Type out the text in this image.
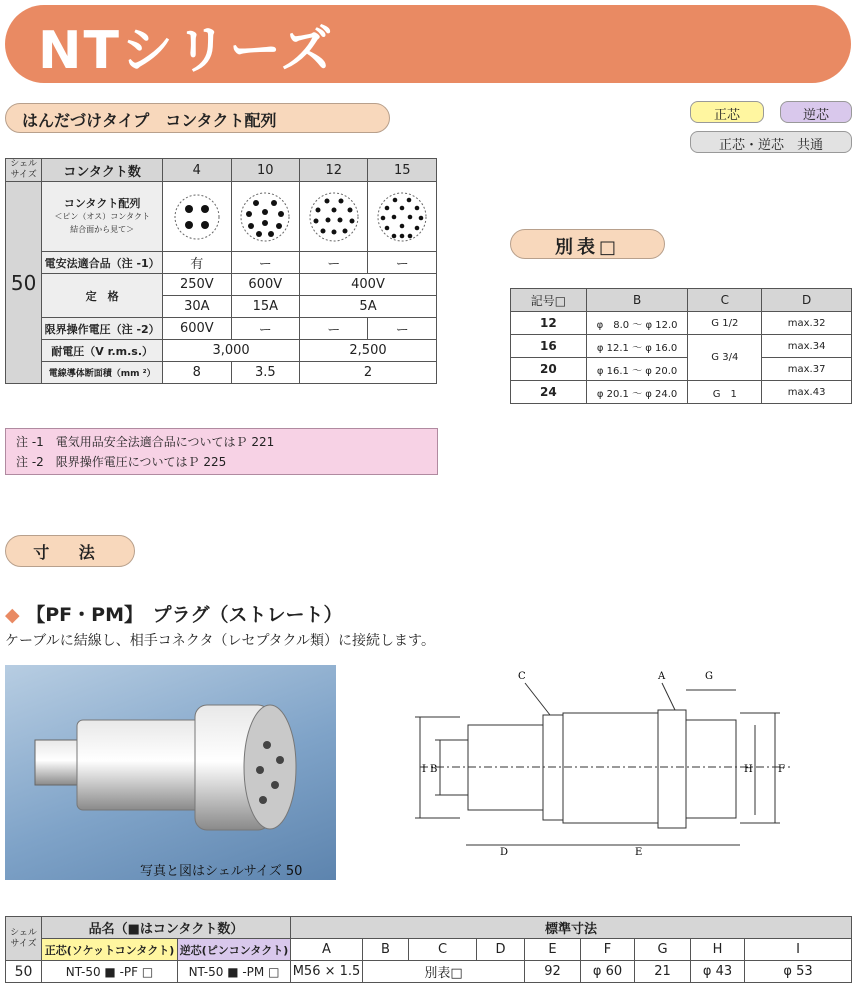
NTシリーズ
はんだづけタイプ　コンタクト配列	正芯	逆芯
正芯・逆芯　共通
シェル
サイズ	コンタクト数	4	10	12	15
50	コンタクト配列
＜ピン（オス）コンタクト
結合面から見て＞

	電安法適合品（注 -1）	有	ー	ー	ー
	定　格	250V	600V	400V	
		30A	15A	5A	
	限界操作電圧（注 -2）	600V	ー	ー	ー
	耐電圧（V r.m.s.）	3,000		2,500	
	電線導体断面積（mm ²）	8	3.5	2	
注 -1　電気用品安全法適合品についてはＰ 221
注 -2　限界操作電圧についてはＰ 225
別表□
記号□	B	C	D
12	φ　8.0 ～ φ 12.0	G 1/2	max.32
16	φ 12.1 ～ φ 16.0	G 3/4	max.34
20	φ 16.1 ～ φ 20.0		max.37
24	φ 20.1 ～ φ 24.0	G　1	max.43
寸 法
◆ 【PF・PM】　プラグ（ストレート）
ケーブルに結線し、相手コネクタ（レセプタクル類）に接続します。
写真と図はシェルサイズ 50
I B
D	E
F
H
G
A
C
シェル
サイズ	品名（■はコンタクト数）		標準寸法								
	正芯(ソケットコンタクト)	逆芯(ピンコンタクト)	A	B	C	D	E	F	G	H	I
50	NT-50 ■ -PF □	NT-50 ■ -PM □	M56 × 1.5	別表□			92	φ 60	21	φ 43	φ 53
